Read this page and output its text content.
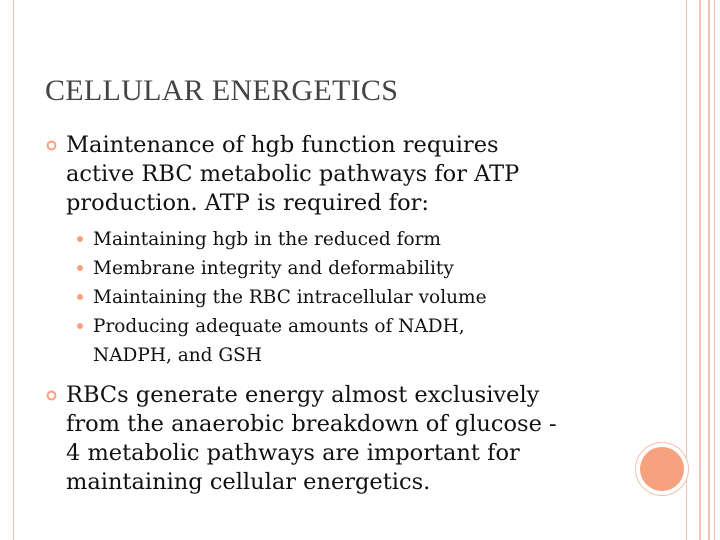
CELLULAR ENERGETICS
Maintenance of hgb function requires
active RBC metabolic pathways for ATP
production. ATP is required for:
Maintaining hgb in the reduced form
Membrane integrity and deformability
Maintaining the RBC intracellular volume
Producing adequate amounts of NADH,
NADPH, and GSH
RBCs generate energy almost exclusively
from the anaerobic breakdown of glucose -
4 metabolic pathways are important for
maintaining cellular energetics.
